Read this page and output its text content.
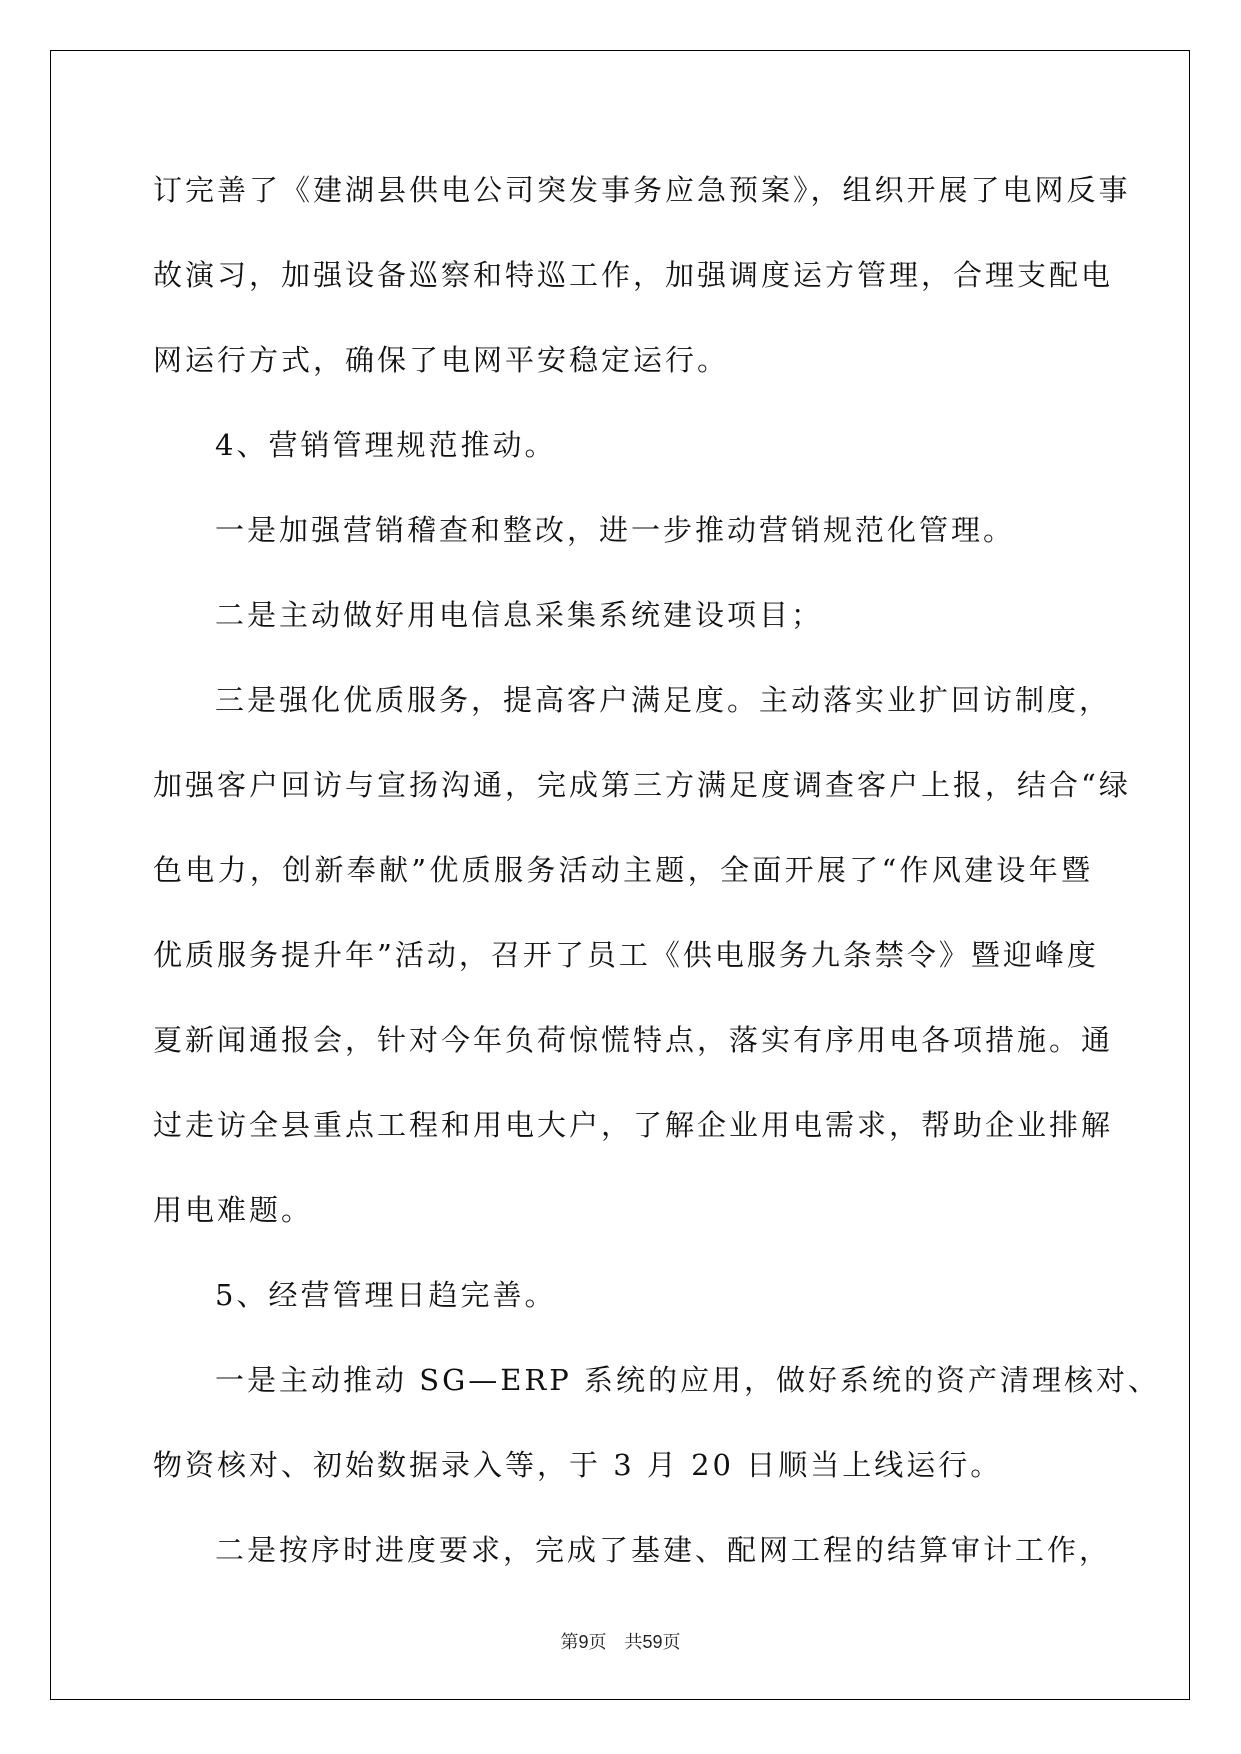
订完善了《建湖县供电公司突发事务应急预案》，组织开展了电网反事
故演习，加强设备巡察和特巡工作，加强调度运方管理，合理支配电
网运行方式，确保了电网平安稳定运行。
4、营销管理规范推动。
一是加强营销稽查和整改，进一步推动营销规范化管理。
二是主动做好用电信息采集系统建设项目；
三是强化优质服务，提高客户满足度。主动落实业扩回访制度，
加强客户回访与宣扬沟通，完成第三方满足度调查客户上报，结合“绿
色电力，创新奉献”优质服务活动主题，全面开展了“作风建设年暨
优质服务提升年”活动，召开了员工《供电服务九条禁令》暨迎峰度
夏新闻通报会，针对今年负荷惊慌特点，落实有序用电各项措施。通
过走访全县重点工程和用电大户，了解企业用电需求，帮助企业排解
用电难题。
5、经营管理日趋完善。
一是主动推动 SG—ERP 系统的应用，做好系统的资产清理核对、
物资核对、初始数据录入等，于 3 月 20 日顺当上线运行。
二是按序时进度要求，完成了基建、配网工程的结算审计工作，
第9页 共59页
